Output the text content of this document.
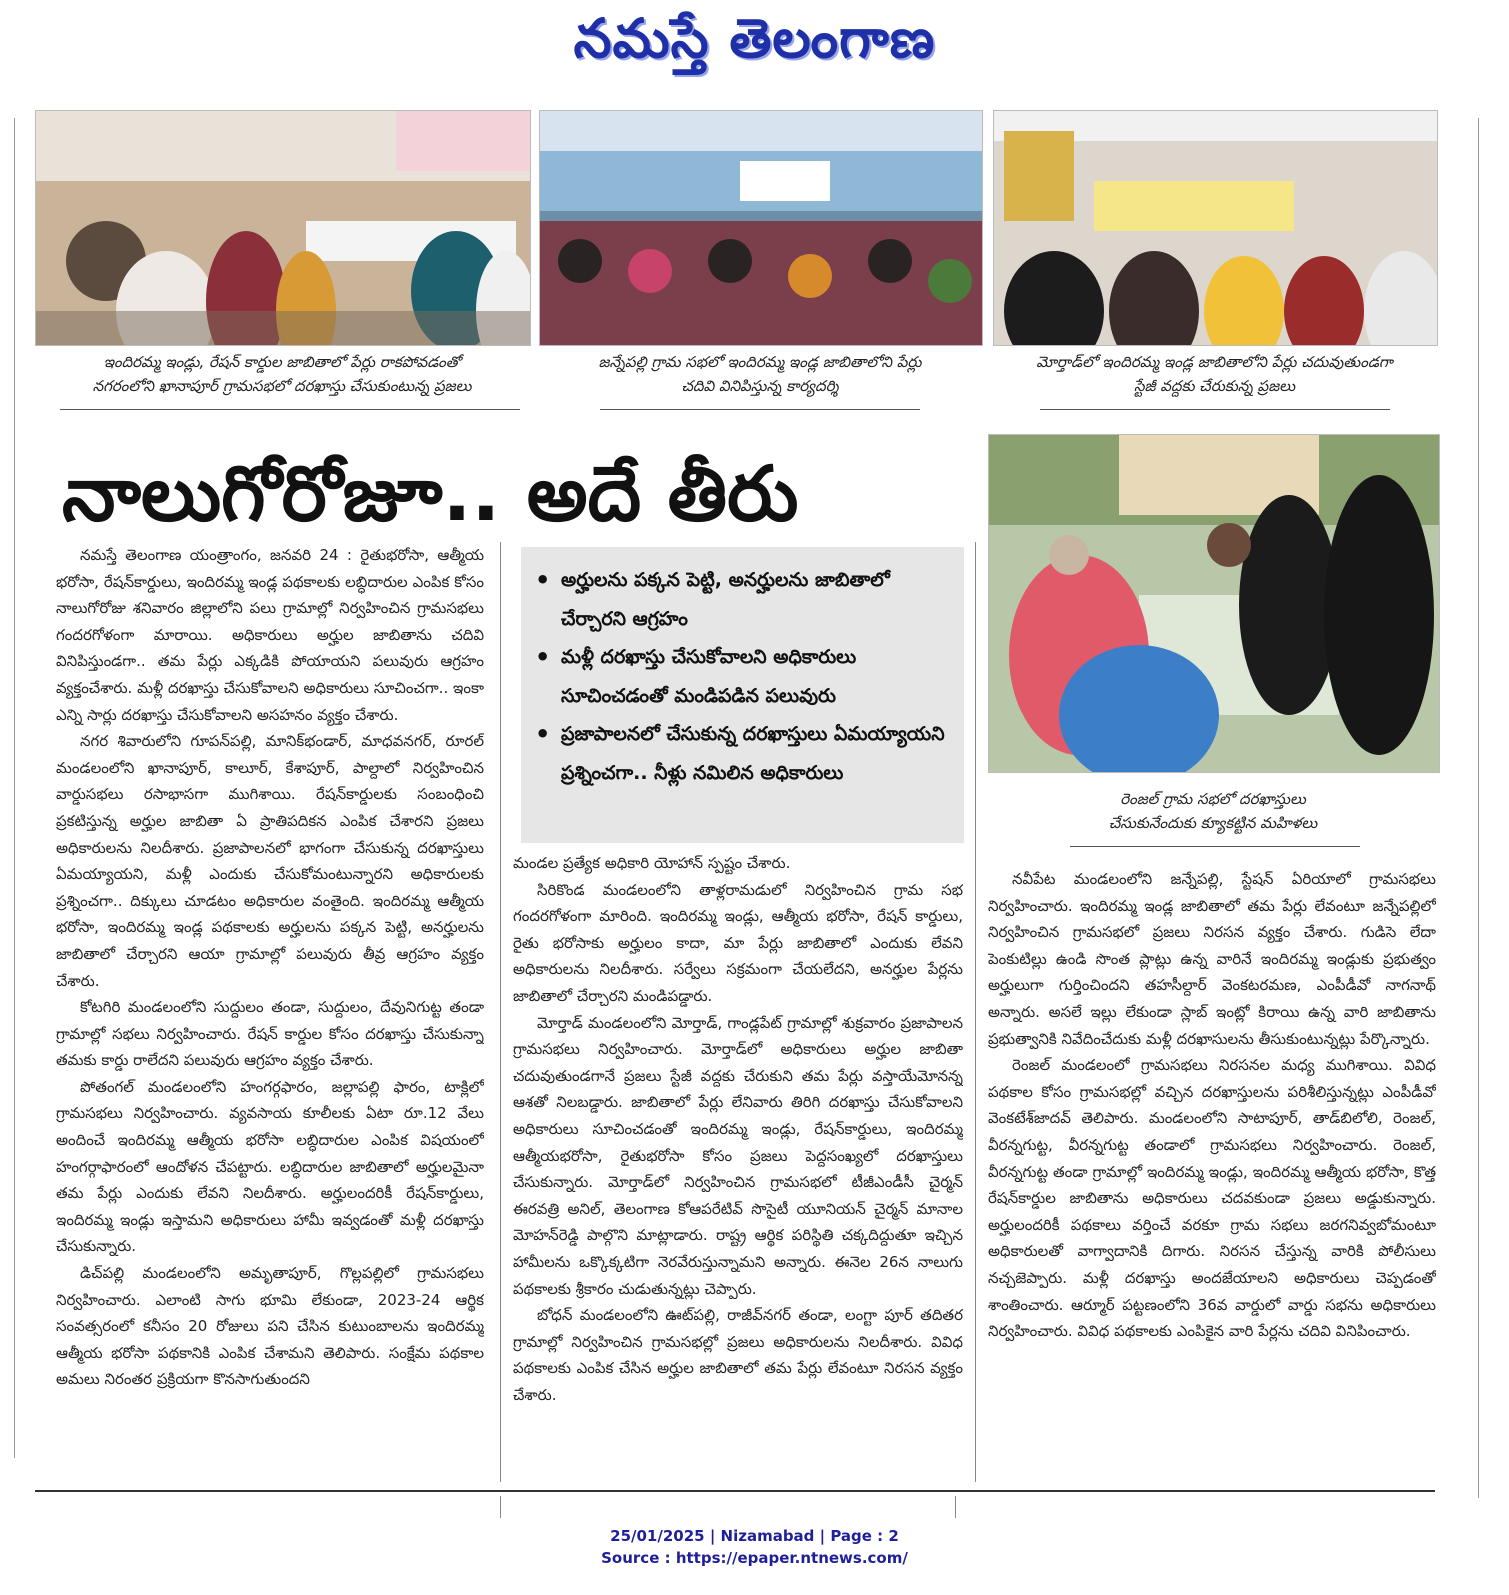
నమస్తే తెలంగాణ
ఇందిరమ్మ ఇండ్లు, రేషన్ కార్డుల జాబితాలో పేర్లు రాకపోవడంతో
నగరంలోని ఖానాపూర్ గ్రామసభలో దరఖాస్తు చేసుకుంటున్న ప్రజలు
జన్నేపల్లి గ్రామ సభలో ఇందిరమ్మ ఇండ్ల జాబితాలోని పేర్లు
చదివి వినిపిస్తున్న కార్యదర్శి
మోర్తాడ్‌లో ఇందిరమ్మ ఇండ్ల జాబితాలోని పేర్లు చదువుతుండగా
స్టేజీ వద్దకు చేరుకున్న ప్రజలు
నాలుగోరోజూ.. అదే తీరు
రెంజల్ గ్రామ సభలో దరఖాస్తులు
చేసుకునేందుకు క్యూకట్టిన మహిళలు
• అర్హులను పక్కన పెట్టి, అనర్హులను జాబితాలో చేర్చారని ఆగ్రహం
• మళ్లీ దరఖాస్తు చేసుకోవాలని అధికారులు సూచించడంతో మండిపడిన పలువురు
• ప్రజాపాలనలో చేసుకున్న దరఖాస్తులు ఏమయ్యాయని ప్రశ్నించగా.. నీళ్లు నమిలిన అధికారులు

నమస్తే తెలంగాణ యంత్రాంగం, జనవరి 24 : రైతుభరోసా, ఆత్మీయ భరోసా, రేషన్‌కార్డులు, ఇందిరమ్మ ఇండ్ల పథకాలకు లబ్ధిదారుల ఎంపిక కోసం నాలుగోరోజు శనివారం జిల్లాలోని పలు గ్రామాల్లో నిర్వహించిన గ్రామసభలు గందరగోళంగా మారాయి. అధికారులు అర్హుల జాబితాను చదివి వినిపిస్తుండగా.. తమ పేర్లు ఎక్కడికి పోయాయని పలువురు ఆగ్రహం వ్యక్తంచేశారు. మళ్లీ దరఖాస్తు చేసుకోవాలని అధికారులు సూచించగా.. ఇంకా ఎన్ని సార్లు దరఖాస్తు చేసుకోవాలని అసహనం వ్యక్తం చేశారు.

నగర శివారులోని గూపన్‌పల్లి, మానిక్‌భండార్, మాధవనగర్, రూరల్ మండలంలోని ఖానాపూర్, కాలూర్, కేశాపూర్, పాల్దాలో నిర్వహించిన వార్డుసభలు రసాభాసగా ముగిశాయి. రేషన్‌కార్డులకు సంబంధించి ప్రకటిస్తున్న అర్హుల జాబితా ఏ ప్రాతిపదికన ఎంపిక చేశారని ప్రజలు అధికారులను నిలదీశారు. ప్రజాపాలనలో భాగంగా చేసుకున్న దరఖాస్తులు ఏమయ్యాయని, మళ్లీ ఎందుకు చేసుకోమంటున్నారని అధికారులకు ప్రశ్నించగా.. దిక్కులు చూడటం అధికారుల వంతైంది. ఇందిరమ్మ ఆత్మీయ భరోసా, ఇందిరమ్మ ఇండ్ల పథకాలకు అర్హులను పక్కన పెట్టి, అనర్హులను జాబితాలో చేర్చారని ఆయా గ్రామాల్లో పలువురు తీవ్ర ఆగ్రహం వ్యక్తం చేశారు.

కోటగిరి మండలంలోని సుద్దులం తండా, సుద్దులం, దేవునిగుట్ట తండా గ్రామాల్లో సభలు నిర్వహించారు. రేషన్ కార్డుల కోసం దరఖాస్తు చేసుకున్నా తమకు కార్డు రాలేదని పలువురు ఆగ్రహం వ్యక్తం చేశారు.

పోతంగల్ మండలంలోని హంగర్గఫారం, జల్లాపల్లి ఫారం, టాక్లిలో గ్రామసభలు నిర్వహించారు. వ్యవసాయ కూలీలకు ఏటా రూ.12 వేలు అందించే ఇందిరమ్మ ఆత్మీయ భరోసా లబ్ధిదారుల ఎంపిక విషయంలో హంగర్గాఫారంలో ఆందోళన చేపట్టారు. లబ్ధిదారుల జాబితాలో అర్హులమైనా తమ పేర్లు ఎందుకు లేవని నిలదీశారు. అర్హులందరికీ రేషన్‌కార్డులు, ఇందిరమ్మ ఇండ్లు ఇస్తామని అధికారులు హామీ ఇవ్వడంతో మళ్లీ దరఖాస్తు చేసుకున్నారు.

డిచ్‌పల్లి మండలంలోని అమృతాపూర్, గొల్లపల్లిలో గ్రామసభలు నిర్వహించారు. ఎలాంటి సాగు భూమి లేకుండా, 2023-24 ఆర్థిక సంవత్సరంలో కనీసం 20 రోజులు పని చేసిన కుటుంబాలను ఇందిరమ్మ ఆత్మీయ భరోసా పథకానికి ఎంపిక చేశామని తెలిపారు. సంక్షేమ పథకాల అమలు నిరంతర ప్రక్రియగా కొనసాగుతుందని

మండల ప్రత్యేక అధికారి యోహాన్ స్పష్టం చేశారు.

సిరికొండ మండలంలోని తాళ్లరామడులో నిర్వహించిన గ్రామ సభ గందరగోళంగా మారింది. ఇందిరమ్మ ఇండ్లు, ఆత్మీయ భరోసా, రేషన్ కార్డులు, రైతు భరోసాకు అర్హులం కాదా, మా పేర్లు జాబితాలో ఎందుకు లేవని అధికారులను నిలదీశారు. సర్వేలు సక్రమంగా చేయలేదని, అనర్హుల పేర్లను జాబితాలో చేర్చారని మండిపడ్డారు.

మోర్తాడ్ మండలంలోని మోర్తాడ్, గాండ్లపేట్ గ్రామాల్లో శుక్రవారం ప్రజాపాలన గ్రామసభలు నిర్వహించారు. మోర్తాడ్‌లో అధికారులు అర్హుల జాబితా చదువుతుండగానే ప్రజలు స్టేజీ వద్దకు చేరుకుని తమ పేర్లు వస్తాయేమోనన్న ఆశతో నిలబడ్డారు. జాబితాలో పేర్లు లేనివారు తిరిగి దరఖాస్తు చేసుకోవాలని అధికారులు సూచించడంతో ఇందిరమ్మ ఇండ్లు, రేషన్‌కార్డులు, ఇందిరమ్మ ఆత్మీయభరోసా, రైతుభరోసా కోసం ప్రజలు పెద్దసంఖ్యలో దరఖాస్తులు చేసుకున్నారు. మోర్తాడ్‌లో నిర్వహించిన గ్రామసభలో టీజీఎండీసీ చైర్మన్ ఈరవత్రి అనిల్, తెలంగాణ కోఆపరేటివ్ సొసైటీ యూనియన్ చైర్మన్ మానాల మోహన్‌రెడ్డి పాల్గొని మాట్లాడారు. రాష్ట్ర ఆర్థిక పరిస్థితి చక్కదిద్దుతూ ఇచ్చిన హామీలను ఒక్కొక్కటిగా నెరవేరుస్తున్నామని అన్నారు. ఈనెల 26న నాలుగు పథకాలకు శ్రీకారం చుడుతున్నట్లు చెప్పారు.

బోధన్ మండలంలోని ఊట్‌పల్లి, రాజీవ్‌నగర్ తండా, లంగ్టా పూర్ తదితర గ్రామాల్లో నిర్వహించిన గ్రామసభల్లో ప్రజలు అధికారులను నిలదీశారు. వివిధ పథకాలకు ఎంపిక చేసిన అర్హుల జాబితాలో తమ పేర్లు లేవంటూ నిరసన వ్యక్తం చేశారు.

నవీపేట మండలంలోని జన్నేపల్లి, స్టేషన్ ఏరియాలో గ్రామసభలు నిర్వహించారు. ఇందిరమ్మ ఇండ్ల జాబితాలో తమ పేర్లు లేవంటూ జన్నేపల్లిలో నిర్వహించిన గ్రామసభలో ప్రజలు నిరసన వ్యక్తం చేశారు. గుడిసె లేదా పెంకుటిల్లు ఉండి సొంత ప్లాట్లు ఉన్న వారినే ఇందిరమ్మ ఇండ్లుకు ప్రభుత్వం అర్హులుగా గుర్తించిందని తహసీల్దార్ వెంకటరమణ, ఎంపీడీవో నాగనాథ్ అన్నారు. అసలే ఇల్లు లేకుండా స్లాబ్ ఇంట్లో కిరాయి ఉన్న వారి జాబితాను ప్రభుత్వానికి నివేదించేదుకు మళ్లీ దరఖాసులను తీసుకుంటున్నట్లు పేర్కొన్నారు.

రెంజల్ మండలంలో గ్రామసభలు నిరసనల మధ్య ముగిశాయి. వివిధ పథకాల కోసం గ్రామసభల్లో వచ్చిన దరఖాస్తులను పరిశీలిస్తున్నట్లు ఎంపీడీవో వెంకటేశ్‌జాదవ్ తెలిపారు. మండలంలోని సాటాపూర్, తాడ్‌బిలోలి, రెంజల్, వీరన్నగుట్ట, వీరన్నగుట్ట తండాలో గ్రామసభలు నిర్వహించారు. రెంజల్, వీరన్నగుట్ట తండా గ్రామాల్లో ఇందిరమ్మ ఇండ్లు, ఇందిరమ్మ ఆత్మీయ భరోసా, కొత్త రేషన్‌కార్డుల జాబితాను అధికారులు చదవకుండా ప్రజలు అడ్డుకున్నారు. అర్హులందరికీ పథకాలు వర్తించే వరకూ గ్రామ సభలు జరగనివ్వబోమంటూ అధికారులతో వాగ్వాదానికి దిగారు. నిరసన చేస్తున్న వారికి పోలీసులు నచ్చజెప్పారు. మళ్లీ దరఖాస్తు అందజేయాలని అధికారులు చెప్పడంతో శాంతించారు. ఆర్మూర్ పట్టణంలోని 36వ వార్డులో వార్డు సభను అధికారులు నిర్వహించారు. వివిధ పథకాలకు ఎంపికైన వారి పేర్లను చదివి వినిపించారు.

25/01/2025 | Nizamabad | Page : 2
Source : https://epaper.ntnews.com/
